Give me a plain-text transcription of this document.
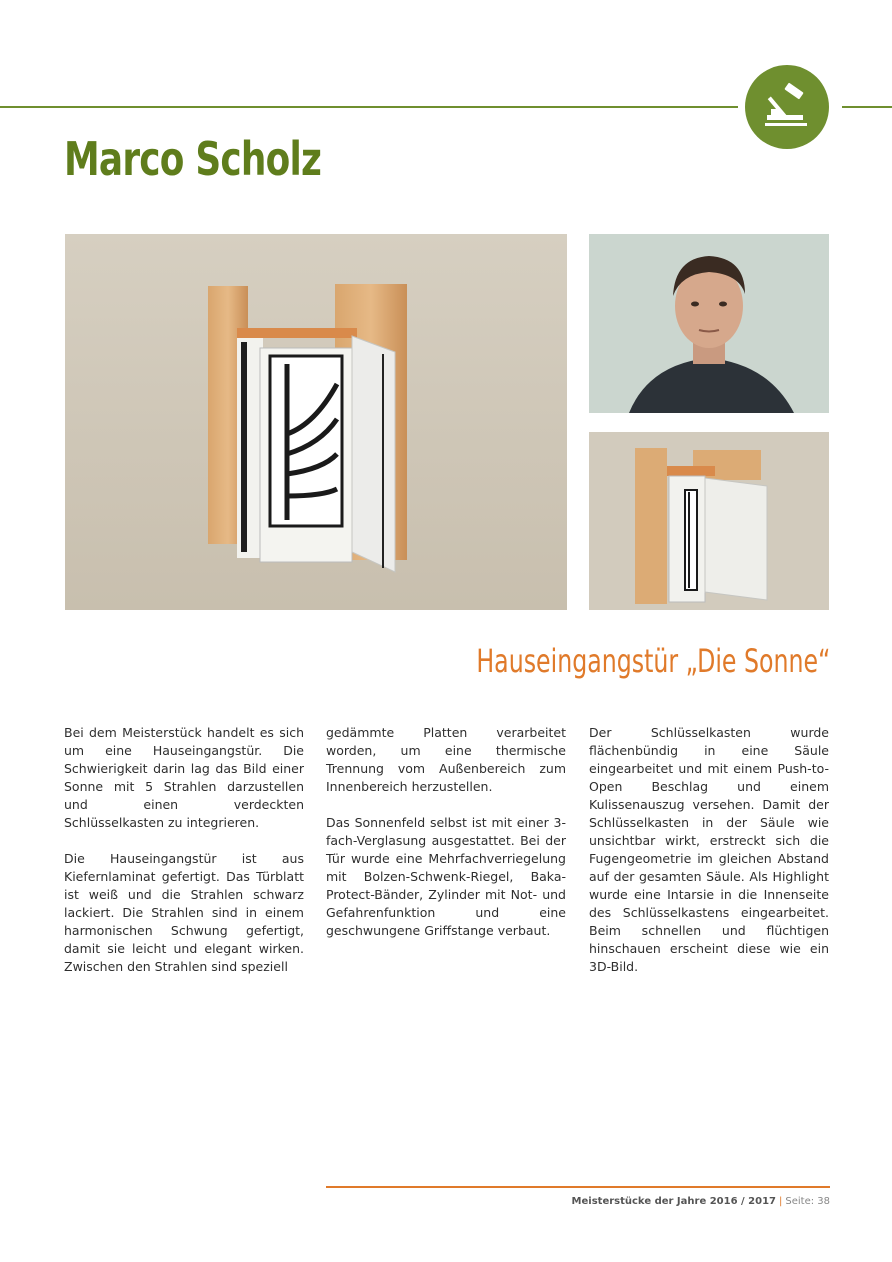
Marco Scholz
Hauseingangstür „Die Sonne“

Bei dem Meisterstück handelt es sich um eine Hauseingangstür. Die Schwierigkeit darin lag das Bild einer Sonne mit 5 Strahlen darzustellen und einen verdeckten Schlüsselkasten zu integrieren.

Die Hauseingangstür ist aus Kiefernlaminat gefertigt. Das Türblatt ist weiß und die Strahlen schwarz lackiert. Die Strahlen sind in einem harmonischen Schwung gefertigt, damit sie leicht und elegant wirken. Zwischen den Strahlen sind speziell

gedämmte Platten verarbeitet worden, um eine thermische Trennung vom Außenbereich zum Innenbereich herzustellen.

Das Sonnenfeld selbst ist mit einer 3-fach-Verglasung ausgestattet. Bei der Tür wurde eine Mehrfachverriegelung mit Bolzen-Schwenk-Riegel, Baka-Protect-Bänder, Zylinder mit Not- und Gefahrenfunktion und eine geschwungene Griffstange verbaut.

Der Schlüsselkasten wurde flächenbündig in eine Säule eingearbeitet und mit einem Push-to-Open Beschlag und einem Kulissenauszug versehen. Damit der Schlüsselkasten in der Säule wie unsichtbar wirkt, erstreckt sich die Fugengeometrie im gleichen Abstand auf der gesamten Säule. Als Highlight wurde eine Intarsie in die Innenseite des Schlüsselkastens eingearbeitet. Beim schnellen und flüchtigen hinschauen erscheint diese wie ein 3D-Bild.

Meisterstücke der Jahre 2016 / 2017 | Seite: 38
